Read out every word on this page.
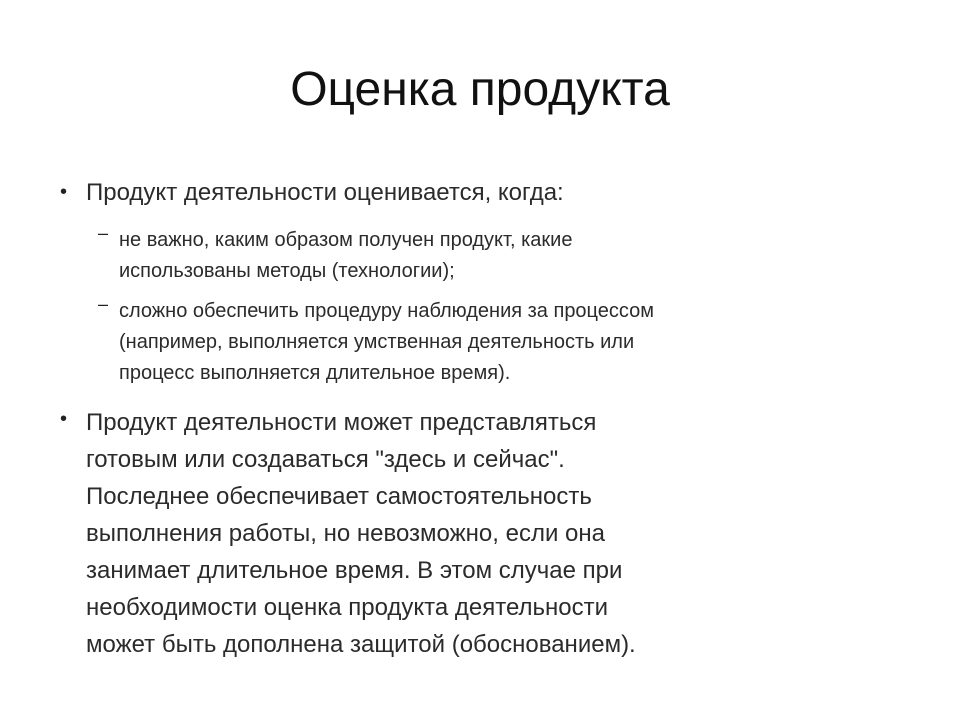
Оценка продукта
• Продукт деятельности оценивается, когда:
– не важно, каким образом получен продукт, какие
использованы методы (технологии);
– сложно обеспечить процедуру наблюдения за процессом
(например, выполняется умственная деятельность или
процесс выполняется длительное время).
• Продукт деятельности может представляться
готовым или создаваться "здесь и сейчас".
Последнее обеспечивает самостоятельность
выполнения работы, но невозможно, если она
занимает длительное время. В этом случае при
необходимости оценка продукта деятельности
может быть дополнена защитой (обоснованием).
